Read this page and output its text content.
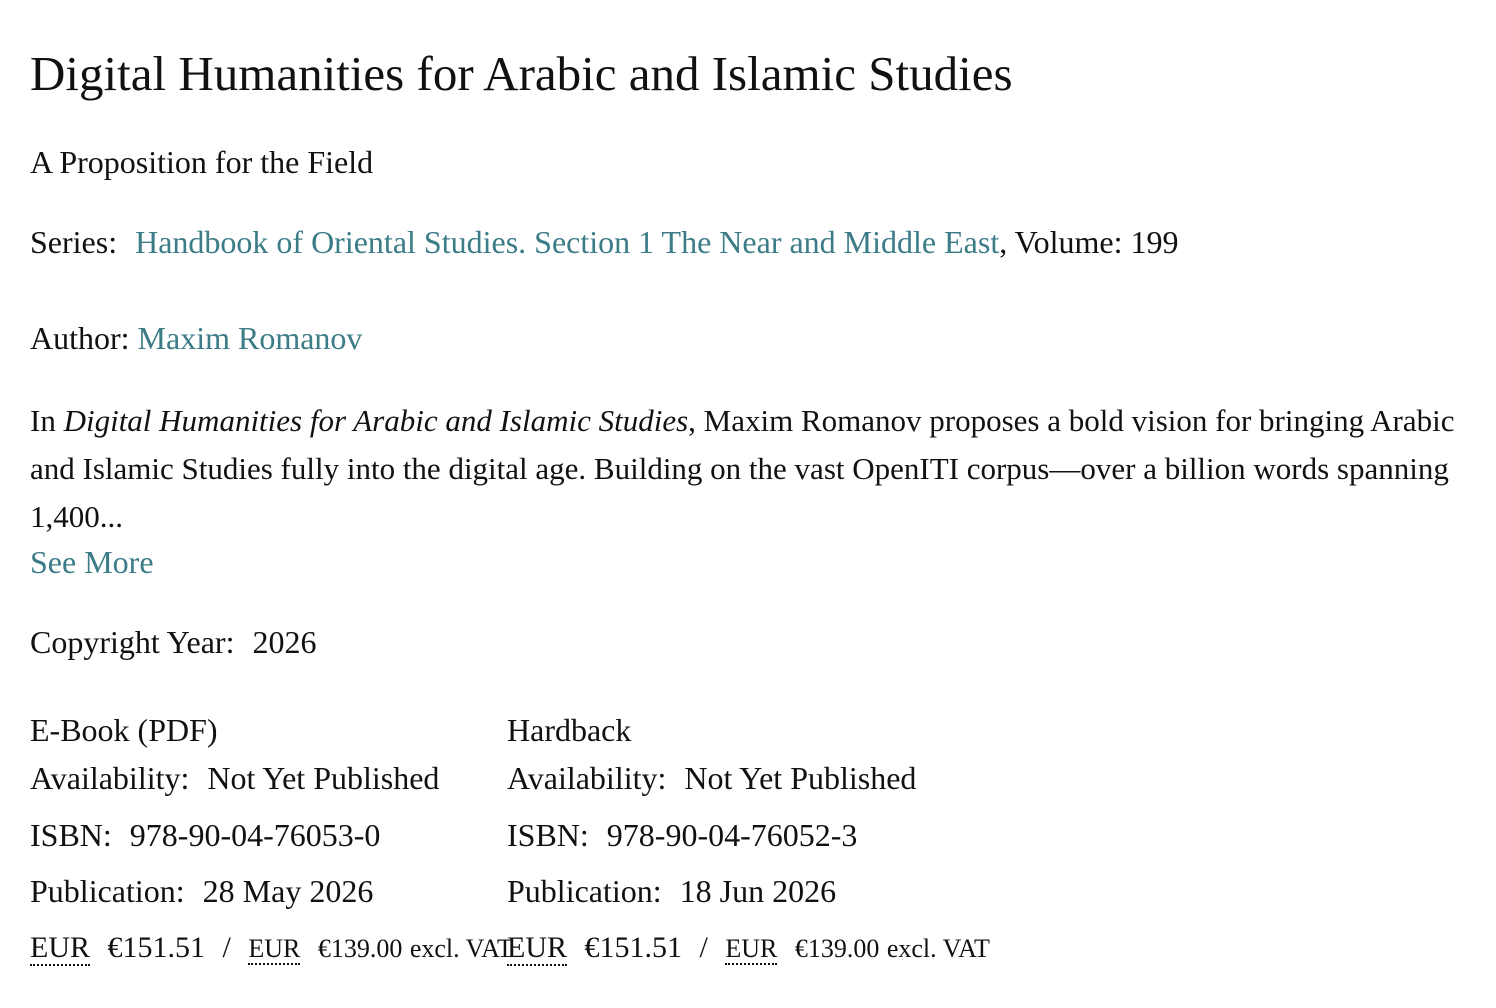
Digital Humanities for Arabic and Islamic Studies
A Proposition for the Field
Series: Handbook of Oriental Studies. Section 1 The Near and Middle East, Volume: 199
Author: Maxim Romanov
In Digital Humanities for Arabic and Islamic Studies, Maxim Romanov proposes a bold vision for bringing Arabic and Islamic Studies fully into the digital age. Building on the vast OpenITI corpus—over a billion words spanning 1,400...
See More
Copyright Year: 2026
E-Book (PDF)
Availability: Not Yet Published
ISBN: 978-90-04-76053-0
Publication: 28 May 2026
EUR €151.51 / EUR €139.00 excl. VAT
Hardback
Availability: Not Yet Published
ISBN: 978-90-04-76052-3
Publication: 18 Jun 2026
EUR €151.51 / EUR €139.00 excl. VAT
